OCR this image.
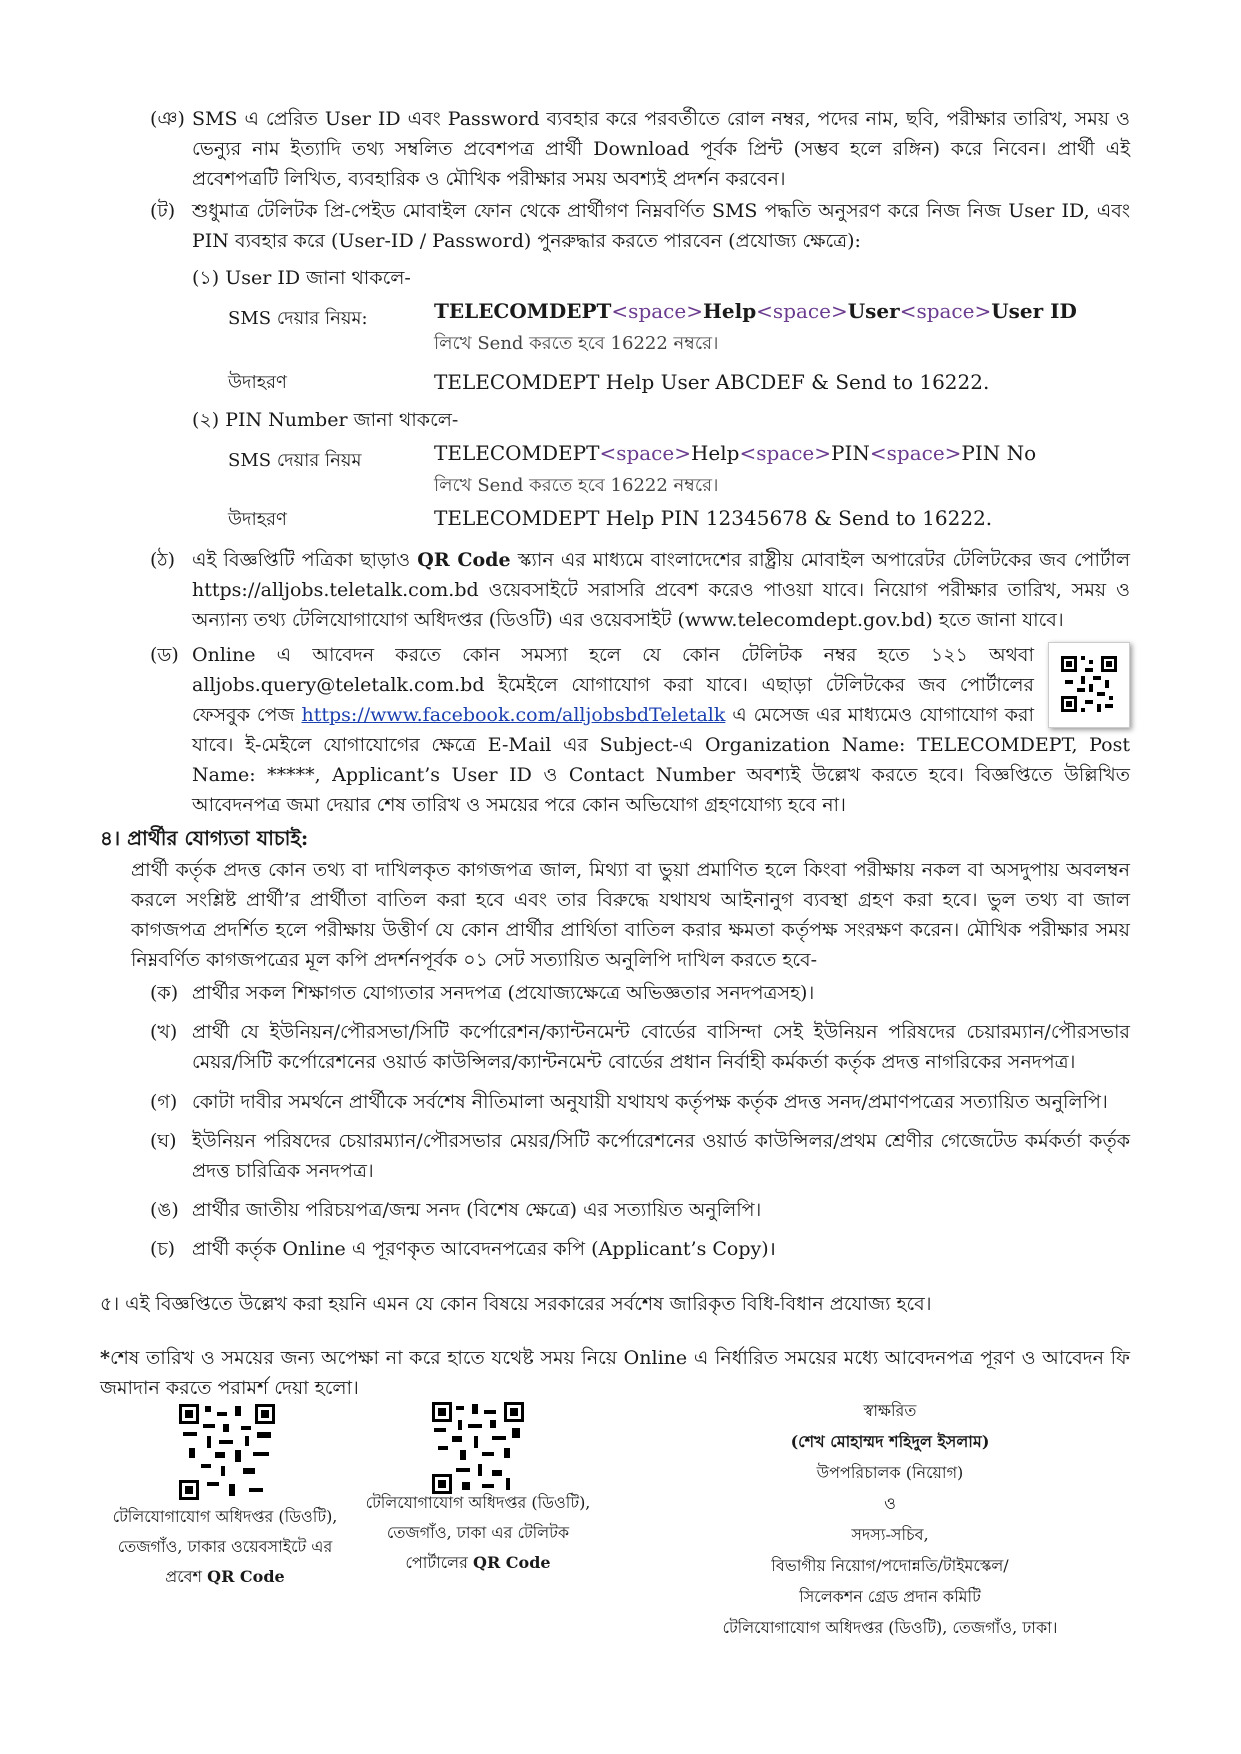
(ঞ) SMS এ প্রেরিত User ID এবং Password ব্যবহার করে পরবর্তীতে রোল নম্বর, পদের নাম, ছবি, পরীক্ষার তারিখ, সময় ও ভেন্যুর নাম ইত্যাদি তথ্য সম্বলিত প্রবেশপত্র প্রার্থী Download পূর্বক প্রিন্ট (সম্ভব হলে রঙ্গিন) করে নিবেন। প্রার্থী এই প্রবেশপত্রটি লিখিত, ব্যবহারিক ও মৌখিক পরীক্ষার সময় অবশ্যই প্রদর্শন করবেন।
(ট) শুধুমাত্র টেলিটক প্রি-পেইড মোবাইল ফোন থেকে প্রার্থীগণ নিম্নবর্ণিত SMS পদ্ধতি অনুসরণ করে নিজ নিজ User ID, এবং PIN ব্যবহার করে (User-ID / Password) পুনরুদ্ধার করতে পারবেন (প্রযোজ্য ক্ষেত্রে):
(১) User ID জানা থাকলে-
SMS দেয়ার নিয়ম:	TELECOMDEPT<space>Help<space>User<space>User ID
লিখে Send করতে হবে 16222 নম্বরে।
উদাহরণ	TELECOMDEPT Help User ABCDEF & Send to 16222.
(২) PIN Number জানা থাকলে-
SMS দেয়ার নিয়ম	TELECOMDEPT<space>Help<space>PIN<space>PIN No
লিখে Send করতে হবে 16222 নম্বরে।
উদাহরণ	TELECOMDEPT Help PIN 12345678 & Send to 16222.
(ঠ) এই বিজ্ঞপ্তিটি পত্রিকা ছাড়াও QR Code স্ক্যান এর মাধ্যমে বাংলাদেশের রাষ্ট্রীয় মোবাইল অপারেটর টেলিটকের জব পোর্টাল https://alljobs.teletalk.com.bd ওয়েবসাইটে সরাসরি প্রবেশ করেও পাওয়া যাবে। নিয়োগ পরীক্ষার তারিখ, সময় ও অন্যান্য তথ্য টেলিযোগাযোগ অধিদপ্তর (ডিওটি) এর ওয়েবসাইট (www.telecomdept.gov.bd) হতে জানা যাবে।
(ড) Online এ আবেদন করতে কোন সমস্যা হলে যে কোন টেলিটক নম্বর হতে ১২১ অথবা alljobs.query@teletalk.com.bd ইমেইলে যোগাযোগ করা যাবে। এছাড়া টেলিটকের জব পোর্টালের ফেসবুক পেজ https://www.facebook.com/alljobsbdTeletalk এ মেসেজ এর মাধ্যমেও যোগাযোগ করা যাবে। ই-মেইলে যোগাযোগের ক্ষেত্রে E-Mail এর Subject-এ Organization Name: TELECOMDEPT, Post Name: *****, Applicant’s User ID ও Contact Number অবশ্যই উল্লেখ করতে হবে। বিজ্ঞপ্তিতে উল্লিখিত আবেদনপত্র জমা দেয়ার শেষ তারিখ ও সময়ের পরে কোন অভিযোগ গ্রহণযোগ্য হবে না।
৪। প্রার্থীর যোগ্যতা যাচাই:
প্রার্থী কর্তৃক প্রদত্ত কোন তথ্য বা দাখিলকৃত কাগজপত্র জাল, মিথ্যা বা ভুয়া প্রমাণিত হলে কিংবা পরীক্ষায় নকল বা অসদুপায় অবলম্বন করলে সংশ্লিষ্ট প্রার্থী’র প্রার্থীতা বাতিল করা হবে এবং তার বিরুদ্ধে যথাযথ আইনানুগ ব্যবস্থা গ্রহণ করা হবে। ভুল তথ্য বা জাল কাগজপত্র প্রদর্শিত হলে পরীক্ষায় উত্তীর্ণ যে কোন প্রার্থীর প্রার্থিতা বাতিল করার ক্ষমতা কর্তৃপক্ষ সংরক্ষণ করেন। মৌখিক পরীক্ষার সময় নিম্নবর্ণিত কাগজপত্রের মূল কপি প্রদর্শনপূর্বক ০১ সেট সত্যায়িত অনুলিপি দাখিল করতে হবে-
(ক) প্রার্থীর সকল শিক্ষাগত যোগ্যতার সনদপত্র (প্রযোজ্যক্ষেত্রে অভিজ্ঞতার সনদপত্রসহ)।
(খ) প্রার্থী যে ইউনিয়ন/পৌরসভা/সিটি কর্পোরেশন/ক্যান্টনমেন্ট বোর্ডের বাসিন্দা সেই ইউনিয়ন পরিষদের চেয়ারম্যান/পৌরসভার মেয়র/সিটি কর্পোরেশনের ওয়ার্ড কাউন্সিলর/ক্যান্টনমেন্ট বোর্ডের প্রধান নির্বাহী কর্মকর্তা কর্তৃক প্রদত্ত নাগরিকের সনদপত্র।
(গ) কোটা দাবীর সমর্থনে প্রার্থীকে সর্বশেষ নীতিমালা অনুযায়ী যথাযথ কর্তৃপক্ষ কর্তৃক প্রদত্ত সনদ/প্রমাণপত্রের সত্যায়িত অনুলিপি।
(ঘ) ইউনিয়ন পরিষদের চেয়ারম্যান/পৌরসভার মেয়র/সিটি কর্পোরেশনের ওয়ার্ড কাউন্সিলর/প্রথম শ্রেণীর গেজেটেড কর্মকর্তা কর্তৃক প্রদত্ত চারিত্রিক সনদপত্র।
(ঙ) প্রার্থীর জাতীয় পরিচয়পত্র/জন্ম সনদ (বিশেষ ক্ষেত্রে) এর সত্যায়িত অনুলিপি।
(চ) প্রার্থী কর্তৃক Online এ পূরণকৃত আবেদনপত্রের কপি (Applicant’s Copy)।
৫। এই বিজ্ঞপ্তিতে উল্লেখ করা হয়নি এমন যে কোন বিষয়ে সরকারের সর্বশেষ জারিকৃত বিধি-বিধান প্রযোজ্য হবে।
*শেষ তারিখ ও সময়ের জন্য অপেক্ষা না করে হাতে যথেষ্ট সময় নিয়ে Online এ নির্ধারিত সময়ের মধ্যে আবেদনপত্র পূরণ ও আবেদন ফি জমাদান করতে পরামর্শ দেয়া হলো।
টেলিযোগাযোগ অধিদপ্তর (ডিওটি),
তেজগাঁও, ঢাকার ওয়েবসাইটে এর
প্রবেশ QR Code
টেলিযোগাযোগ অধিদপ্তর (ডিওটি),
তেজগাঁও, ঢাকা এর টেলিটক
পোর্টালের QR Code
স্বাক্ষরিত
(শেখ মোহাম্মদ শহিদুল ইসলাম)
উপপরিচালক (নিয়োগ)
ও
সদস্য-সচিব,
বিভাগীয় নিয়োগ/পদোন্নতি/টাইমস্কেল/
সিলেকশন গ্রেড প্রদান কমিটি
টেলিযোগাযোগ অধিদপ্তর (ডিওটি), তেজগাঁও, ঢাকা।
